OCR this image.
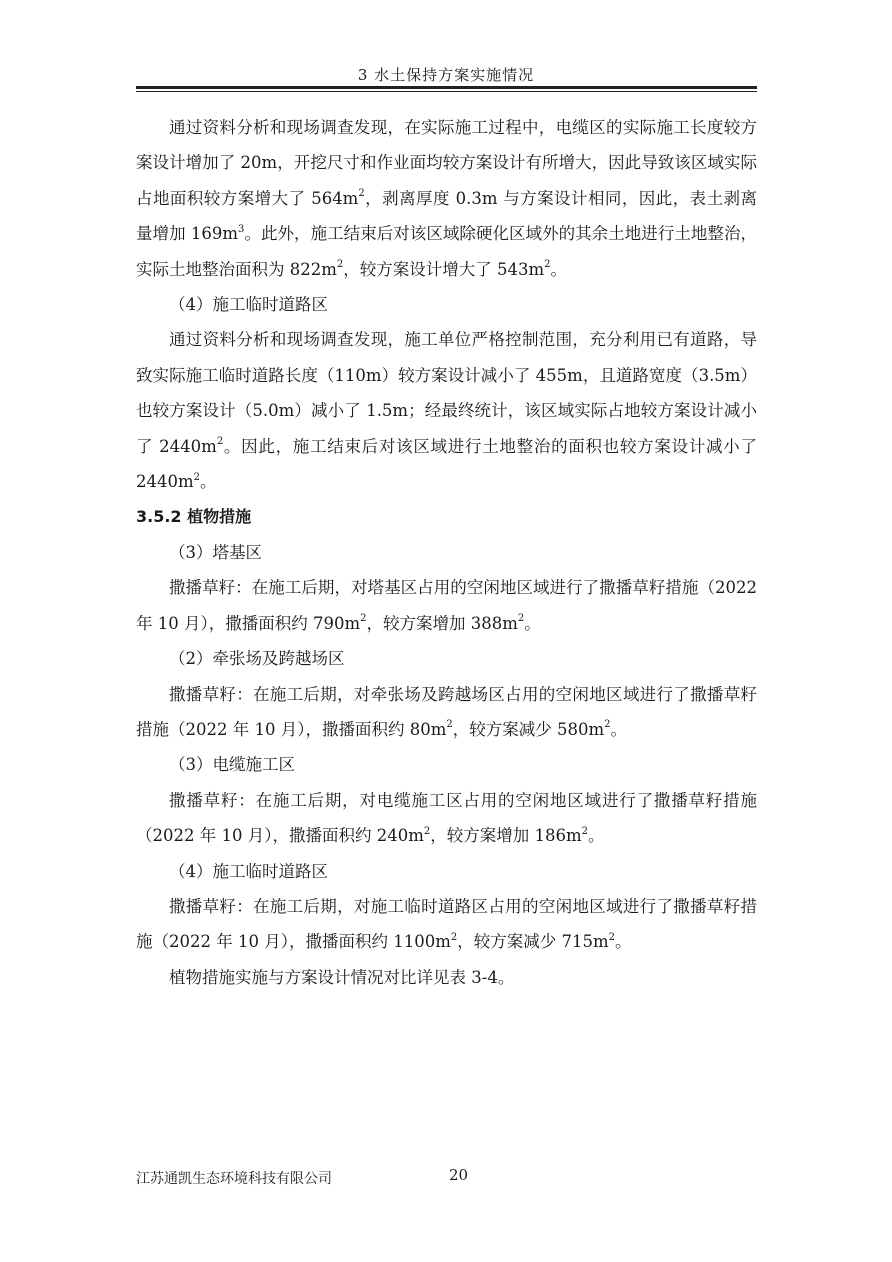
3 水土保持方案实施情况

通过资料分析和现场调查发现，在实际施工过程中，电缆区的实际施工长度较方案设计增加了 20m，开挖尺寸和作业面均较方案设计有所增大，因此导致该区域实际占地面积较方案增大了 $564m^2$，剥离厚度 0.3m 与方案设计相同，因此，表土剥离量增加 $169m^3$。此外，施工结束后对该区域除硬化区域外的其余土地进行土地整治，实际土地整治面积为 $822m^2$，较方案设计增大了 $543m^2$。

（4）施工临时道路区

通过资料分析和现场调查发现，施工单位严格控制范围，充分利用已有道路，导致实际施工临时道路长度（110m）较方案设计减小了 455m，且道路宽度（3.5m）也较方案设计（5.0m）减小了 1.5m；经最终统计，该区域实际占地较方案设计减小了 $2440m^2$。因此，施工结束后对该区域进行土地整治的面积也较方案设计减小了 $2440m^2$。

3.5.2 植物措施

（3）塔基区

撒播草籽：在施工后期，对塔基区占用的空闲地区域进行了撒播草籽措施（2022 年 10 月），撒播面积约 $790m^2$，较方案增加 $388m^2$。

（2）牵张场及跨越场区

撒播草籽：在施工后期，对牵张场及跨越场区占用的空闲地区域进行了撒播草籽措施（2022 年 10 月），撒播面积约 $80m^2$，较方案减少 $580m^2$。

（3）电缆施工区

撒播草籽：在施工后期，对电缆施工区占用的空闲地区域进行了撒播草籽措施（2022 年 10 月），撒播面积约 $240m^2$，较方案增加 $186m^2$。

（4）施工临时道路区

撒播草籽：在施工后期，对施工临时道路区占用的空闲地区域进行了撒播草籽措施（2022 年 10 月），撒播面积约 $1100m^2$，较方案减少 $715m^2$。

植物措施实施与方案设计情况对比详见表 3-4。

江苏通凯生态环境科技有限公司	20
